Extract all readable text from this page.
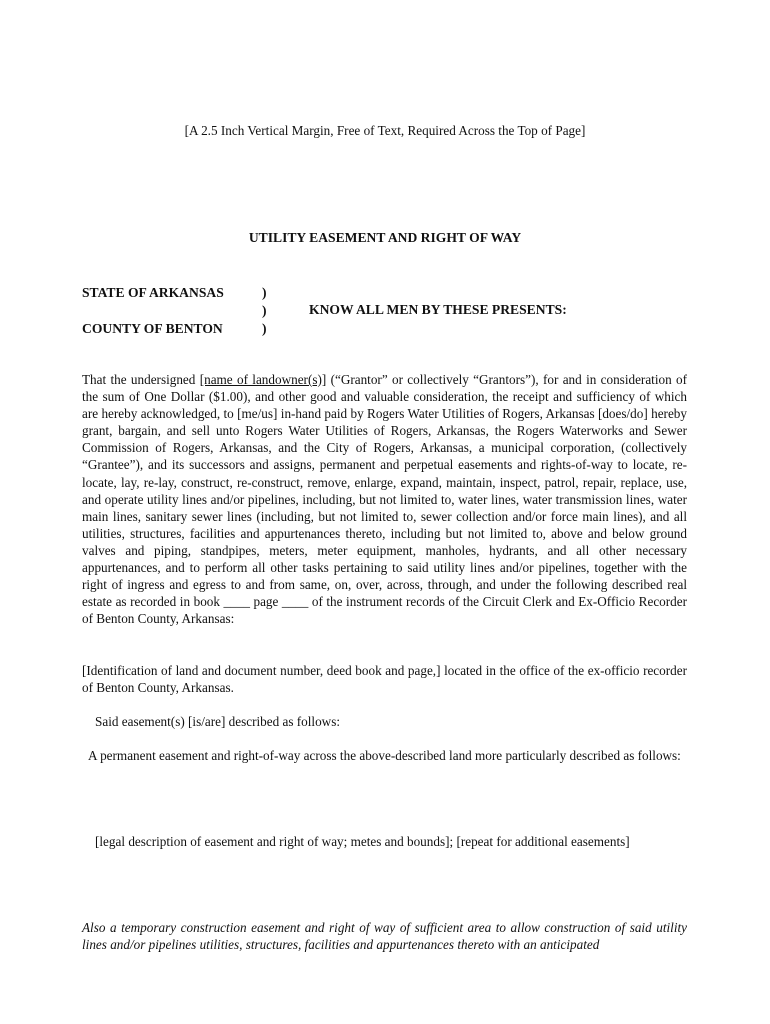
[A 2.5 Inch Vertical Margin, Free of Text, Required Across the Top of Page]
UTILITY EASEMENT AND RIGHT OF WAY
STATE OF ARKANSAS	)
)
)
COUNTY OF BENTON
KNOW ALL MEN BY THESE PRESENTS:
That the undersigned [name of landowner(s)] (“Grantor” or collectively “Grantors”), for and in consideration of the sum of One Dollar ($1.00), and other good and valuable consideration, the receipt and sufficiency of which are hereby acknowledged, to [me/us] in-hand paid by Rogers Water Utilities of Rogers, Arkansas [does/do] hereby grant, bargain, and sell unto Rogers Water Utilities of Rogers, Arkansas, the Rogers Waterworks and Sewer Commission of Rogers, Arkansas, and the City of Rogers, Arkansas, a municipal corporation, (collectively “Grantee”), and its successors and assigns, permanent and perpetual easements and rights-of-way to locate, re-locate, lay, re-lay, construct, re-construct, remove, enlarge, expand, maintain, inspect, patrol, repair, replace, use, and operate utility lines and/or pipelines, including, but not limited to, water lines, water transmission lines, water main lines, sanitary sewer lines (including, but not limited to, sewer collection and/or force main lines), and all utilities, structures, facilities and appurtenances thereto, including but not limited to, above and below ground valves and piping, standpipes, meters, meter equipment, manholes, hydrants, and all other necessary appurtenances, and to perform all other tasks pertaining to said utility lines and/or pipelines, together with the right of ingress and egress to and from same, on, over, across, through, and under the following described real estate as recorded in book ____ page ____ of the instrument records of the Circuit Clerk and Ex-Officio Recorder of Benton County, Arkansas:
[Identification of land and document number, deed book and page,] located in the office of the ex-officio recorder of Benton County, Arkansas.
Said easement(s) [is/are] described as follows:
A permanent easement and right-of-way across the above-described land more particularly described as follows:
[legal description of easement and right of way; metes and bounds]; [repeat for additional easements]
Also a temporary construction easement and right of way of sufficient area to allow construction of said utility lines and/or pipelines utilities, structures, facilities and appurtenances thereto with an anticipated
